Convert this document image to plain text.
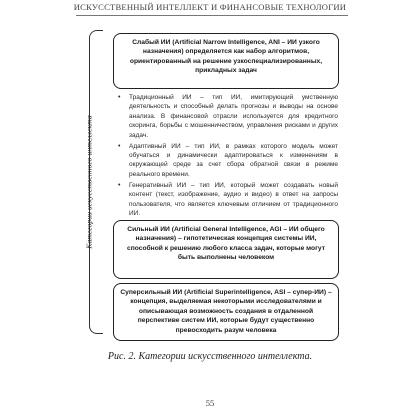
ИСКУССТВЕННЫЙ ИНТЕЛЛЕКТ И ФИНАНСОВЫЕ ТЕХНОЛОГИИ
Категории искусственного интеллекта
Слабый ИИ (Artificial Narrow Intelligence, ANI – ИИ узкого назначения) определяется как набор алгоритмов, ориентированный на решение узкоспециализированных, прикладных задач
• Традиционный ИИ – тип ИИ, имитирующий умственную деятельность и способный делать прогнозы и выводы на основе анализа. В финансовой отрасли используется для кредитного скоринга, борьбы с мошенничеством, управления рисками и других задач.
• Адаптивный ИИ – тип ИИ, в рамках которого модель может обучаться и динамически адаптироваться к изменениям в окружающей среде за счет сбора обратной связи в режиме реального времени.
• Генеративный ИИ – тип ИИ, который может создавать новый контент (текст, изображение, аудио и видео) в ответ на запросы пользователя, что является ключевым отличием от традиционного ИИ.
Сильный ИИ (Artificial General Intelligence, AGI – ИИ общего назначения) – гипотетическая концепция системы ИИ, способной к решению любого класса задач, которые могут быть выполнены человеком
Суперсильный ИИ (Artificial Superintelligence, ASI – супер-ИИ) – концепция, выделяемая некоторыми исследователями и описывающая возможность создания в отдаленной перспективе систем ИИ, которые будут существенно превосходить разум человека
Рис. 2. Категории искусственного интеллекта.
55
